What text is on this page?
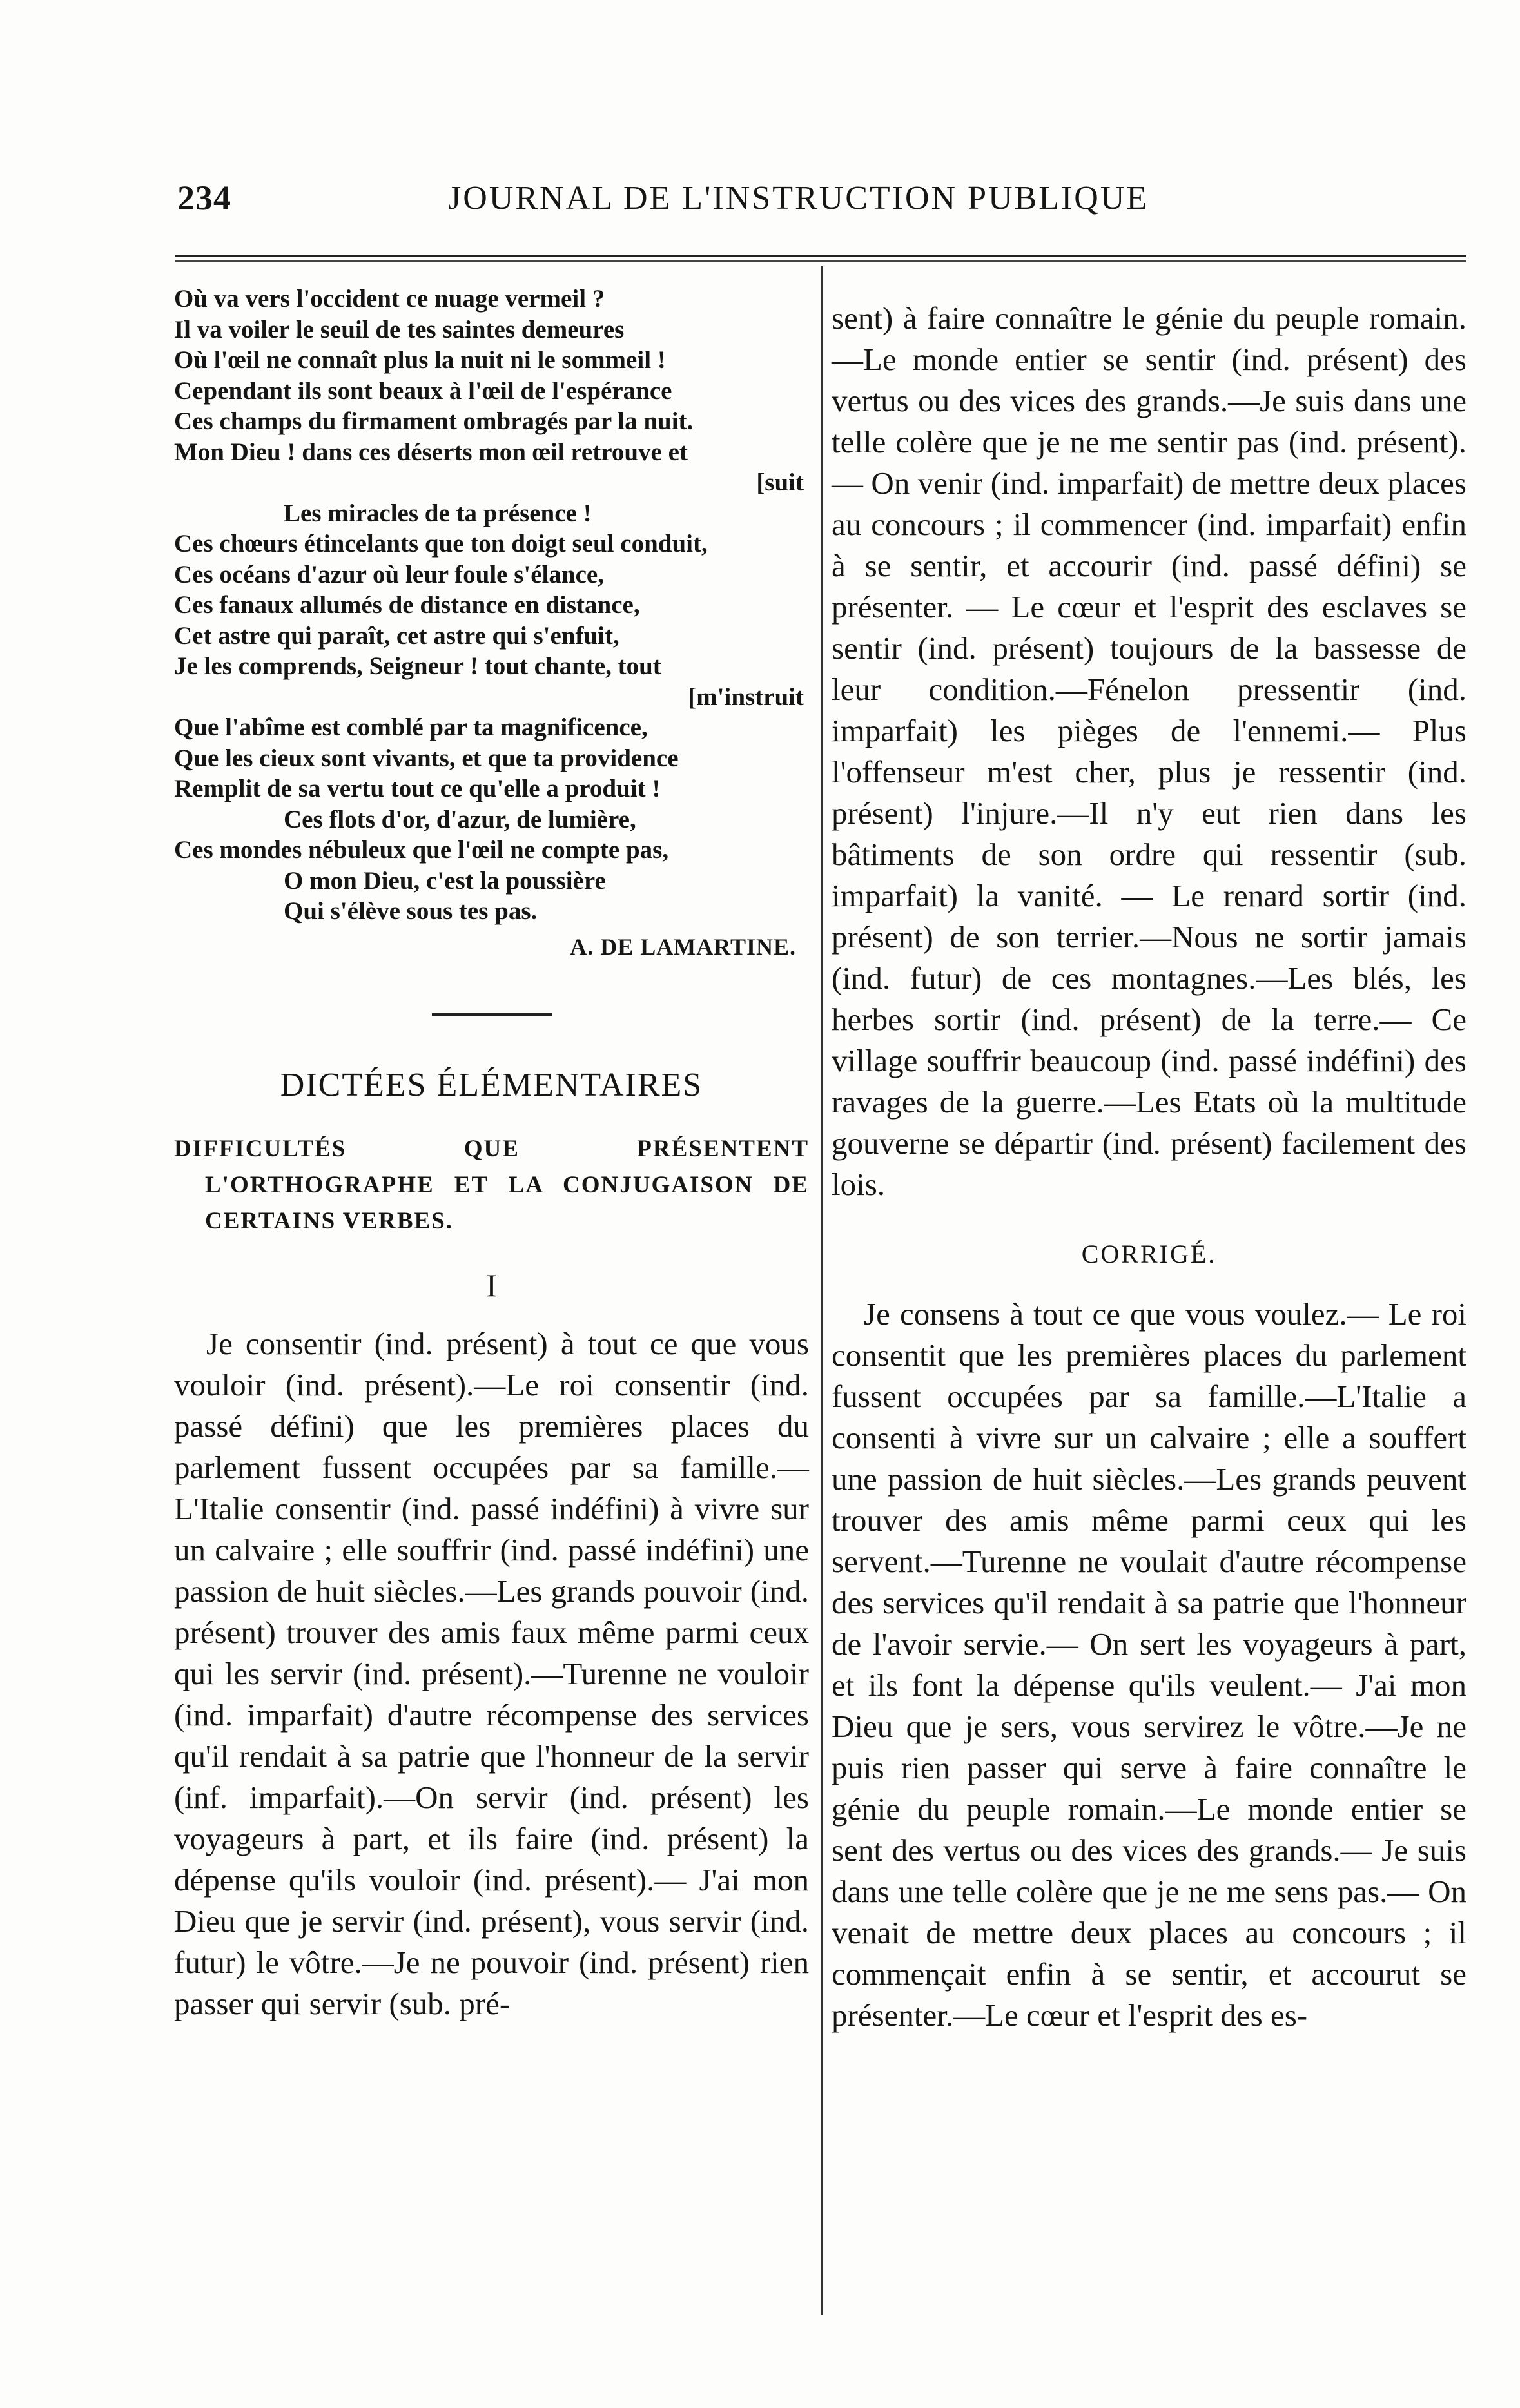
234	JOURNAL DE L'INSTRUCTION PUBLIQUE
Où va vers l'occident ce nuage vermeil ?
Il va voiler le seuil de tes saintes demeures
Où l'œil ne connaît plus la nuit ni le sommeil !
Cependant ils sont beaux à l'œil de l'espérance
Ces champs du firmament ombragés par la nuit.
Mon Dieu ! dans ces déserts mon œil retrouve et
[suit
Les miracles de ta présence !
Ces chœurs étincelants que ton doigt seul conduit,
Ces océans d'azur où leur foule s'élance,
Ces fanaux allumés de distance en distance,
Cet astre qui paraît, cet astre qui s'enfuit,
Je les comprends, Seigneur ! tout chante, tout
[m'instruit
Que l'abîme est comblé par ta magnificence,
Que les cieux sont vivants, et que ta providence
Remplit de sa vertu tout ce qu'elle a produit !
Ces flots d'or, d'azur, de lumière,
Ces mondes nébuleux que l'œil ne compte pas,
O mon Dieu, c'est la poussière
Qui s'élève sous tes pas.
A. DE LAMARTINE.
DICTÉES ÉLÉMENTAIRES
DIFFICULTÉS QUE PRÉSENTENT L'ORTHOGRAPHE ET LA CONJUGAISON DE CERTAINS VERBES.
I

Je consentir (ind. présent) à tout ce que vous vouloir (ind. présent).—Le roi consentir (ind. passé défini) que les premières places du parlement fussent occupées par sa famille.—L'Italie consentir (ind. passé indéfini) à vivre sur un calvaire ; elle souffrir (ind. passé indéfini) une passion de huit siècles.—Les grands pouvoir (ind. présent) trouver des amis faux même parmi ceux qui les servir (ind. présent).—Turenne ne vouloir (ind. imparfait) d'autre récompense des services qu'il rendait à sa patrie que l'honneur de la servir (inf. imparfait).—On servir (ind. présent) les voyageurs à part, et ils faire (ind. présent) la dépense qu'ils vouloir (ind. présent).— J'ai mon Dieu que je servir (ind. présent), vous servir (ind. futur) le vôtre.—Je ne pouvoir (ind. présent) rien passer qui servir (sub. pré-

sent) à faire connaître le génie du peuple romain.—Le monde entier se sentir (ind. présent) des vertus ou des vices des grands.—Je suis dans une telle colère que je ne me sentir pas (ind. présent).— On venir (ind. imparfait) de mettre deux places au concours ; il commencer (ind. imparfait) enfin à se sentir, et accourir (ind. passé défini) se présenter. — Le cœur et l'esprit des esclaves se sentir (ind. présent) toujours de la bassesse de leur condition.—Fénelon pressentir (ind. imparfait) les pièges de l'ennemi.— Plus l'offenseur m'est cher, plus je ressentir (ind. présent) l'injure.—Il n'y eut rien dans les bâtiments de son ordre qui ressentir (sub. imparfait) la vanité. — Le renard sortir (ind. présent) de son terrier.—Nous ne sortir jamais (ind. futur) de ces montagnes.—Les blés, les herbes sortir (ind. présent) de la terre.— Ce village souffrir beaucoup (ind. passé indéfini) des ravages de la guerre.—Les Etats où la multitude gouverne se départir (ind. présent) facilement des lois.

CORRIGÉ.

Je consens à tout ce que vous voulez.— Le roi consentit que les premières places du parlement fussent occupées par sa famille.—L'Italie a consenti à vivre sur un calvaire ; elle a souffert une passion de huit siècles.—Les grands peuvent trouver des amis même parmi ceux qui les servent.—Turenne ne voulait d'autre récompense des services qu'il rendait à sa patrie que l'honneur de l'avoir servie.— On sert les voyageurs à part, et ils font la dépense qu'ils veulent.— J'ai mon Dieu que je sers, vous servirez le vôtre.—Je ne puis rien passer qui serve à faire connaître le génie du peuple romain.—Le monde entier se sent des vertus ou des vices des grands.— Je suis dans une telle colère que je ne me sens pas.— On venait de mettre deux places au concours ; il commençait enfin à se sentir, et accourut se présenter.—Le cœur et l'esprit des es-
